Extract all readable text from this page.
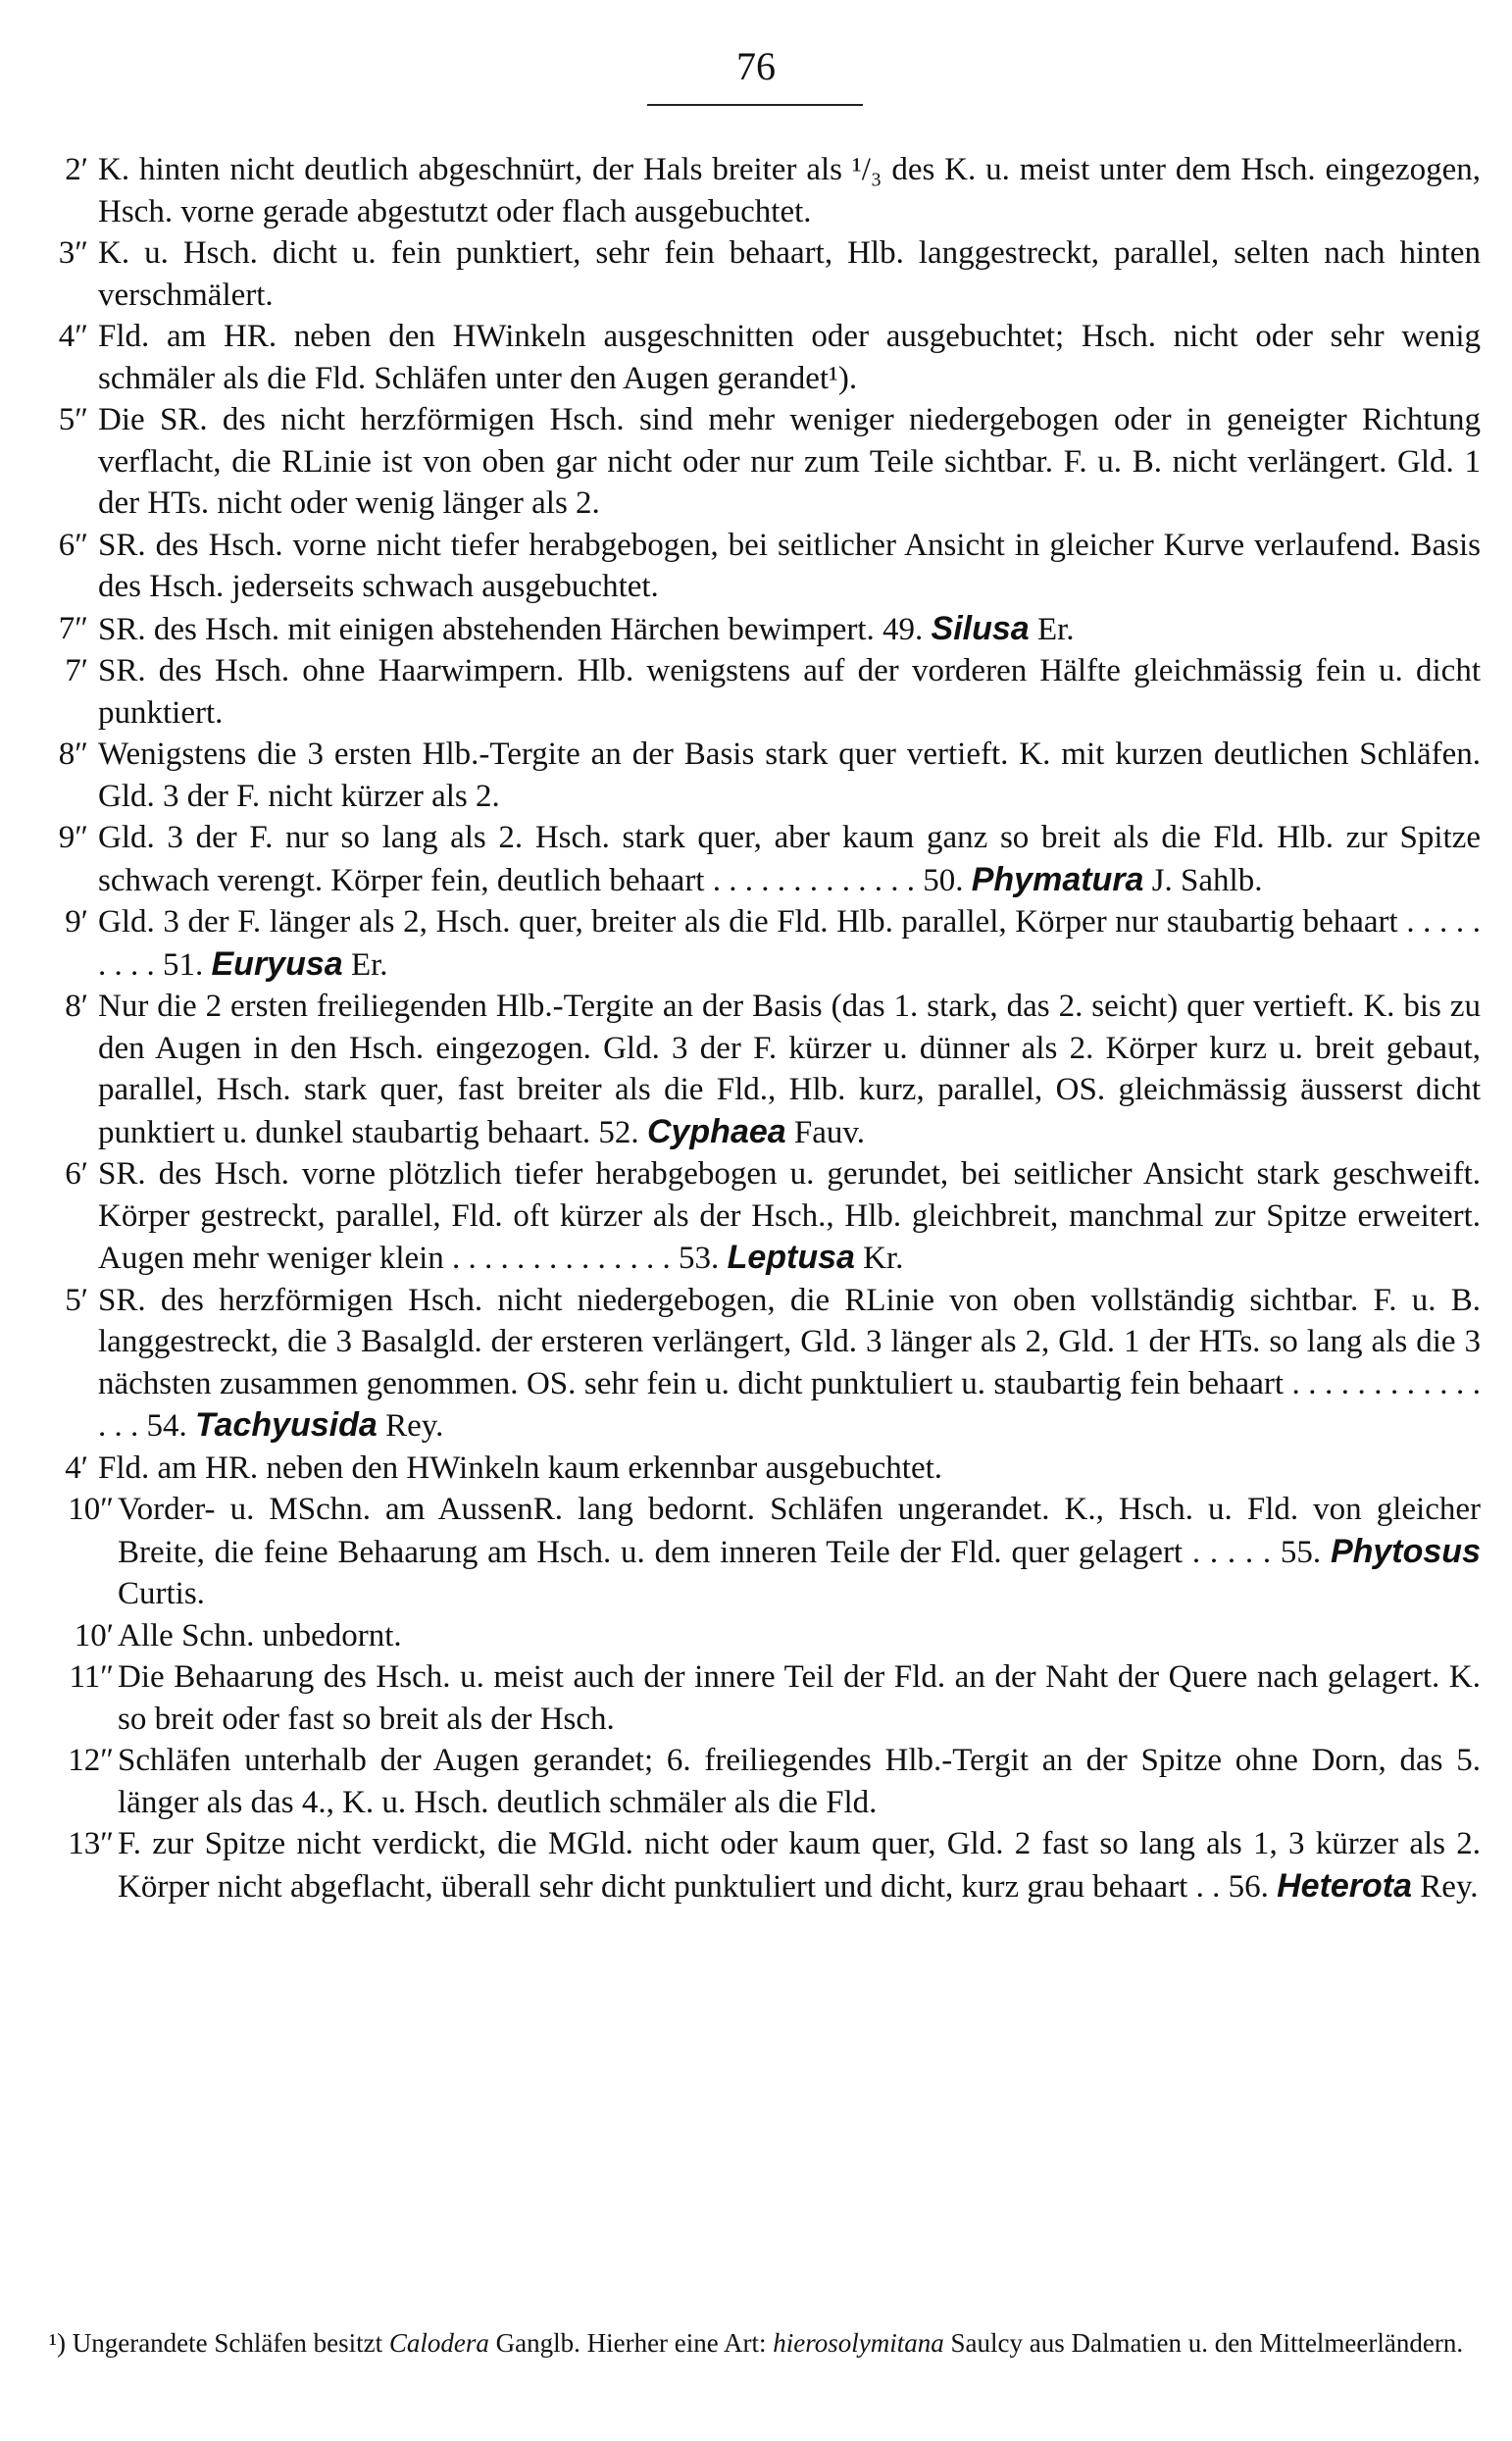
76
2′ K. hinten nicht deutlich abgeschnürt, der Hals breiter als ¹/₃ des K. u. meist unter dem Hsch. eingezogen, Hsch. vorne gerade abgestutzt oder flach ausgebuchtet.
3″ K. u. Hsch. dicht u. fein punktiert, sehr fein behaart, Hlb. langgestreckt, parallel, selten nach hinten verschmälert.
4″ Fld. am HR. neben den HWinkeln ausgeschnitten oder ausgebuchtet; Hsch. nicht oder sehr wenig schmäler als die Fld. Schläfen unter den Augen gerandet¹).
5″ Die SR. des nicht herzförmigen Hsch. sind mehr weniger niedergebogen oder in geneigter Richtung verflacht, die RLinie ist von oben gar nicht oder nur zum Teile sichtbar. F. u. B. nicht verlängert. Gld. 1 der HTs. nicht oder wenig länger als 2.
6″ SR. des Hsch. vorne nicht tiefer herabgebogen, bei seitlicher Ansicht in gleicher Kurve verlaufend. Basis des Hsch. jederseits schwach ausgebuchtet.
7″ SR. des Hsch. mit einigen abstehenden Härchen bewimpert. 49. Silusa Er.
7′ SR. des Hsch. ohne Haarwimpern. Hlb. wenigstens auf der vorderen Hälfte gleichmässig fein u. dicht punktiert.
8″ Wenigstens die 3 ersten Hlb.-Tergite an der Basis stark quer vertieft. K. mit kurzen deutlichen Schläfen. Gld. 3 der F. nicht kürzer als 2.
9″ Gld. 3 der F. nur so lang als 2. Hsch. stark quer, aber kaum ganz so breit als die Fld. Hlb. zur Spitze schwach verengt. Körper fein, deutlich behaart . . . . . . . . . . . . . 50. Phymatura J. Sahlb.
9′ Gld. 3 der F. länger als 2, Hsch. quer, breiter als die Fld. Hlb. parallel, Körper nur staubartig behaart . . . . . . . . . 51. Euryusa Er.
8′ Nur die 2 ersten freiliegenden Hlb.-Tergite an der Basis (das 1. stark, das 2. seicht) quer vertieft. K. bis zu den Augen in den Hsch. eingezogen. Gld. 3 der F. kürzer u. dünner als 2. Körper kurz u. breit gebaut, parallel, Hsch. stark quer, fast breiter als die Fld., Hlb. kurz, parallel, OS. gleichmässig äusserst dicht punktiert u. dunkel staubartig behaart. 52. Cyphaea Fauv.
6′ SR. des Hsch. vorne plötzlich tiefer herabgebogen u. gerundet, bei seitlicher Ansicht stark geschweift. Körper gestreckt, parallel, Fld. oft kürzer als der Hsch., Hlb. gleichbreit, manchmal zur Spitze erweitert. Augen mehr weniger klein . . . . . . . . . . . . . . 53. Leptusa Kr.
5′ SR. des herzförmigen Hsch. nicht niedergebogen, die RLinie von oben vollständig sichtbar. F. u. B. langgestreckt, die 3 Basalgld. der ersteren verlängert, Gld. 3 länger als 2, Gld. 1 der HTs. so lang als die 3 nächsten zusammen genommen. OS. sehr fein u. dicht punktuliert u. staubartig fein behaart . . . . . . . . . . . . . . . 54. Tachyusida Rey.
4′ Fld. am HR. neben den HWinkeln kaum erkennbar ausgebuchtet.
10″ Vorder- u. MSchn. am AussenR. lang bedornt. Schläfen ungerandet. K., Hsch. u. Fld. von gleicher Breite, die feine Behaarung am Hsch. u. dem inneren Teile der Fld. quer gelagert . . . . . 55. Phytosus Curtis.
10′ Alle Schn. unbedornt.
11″ Die Behaarung des Hsch. u. meist auch der innere Teil der Fld. an der Naht der Quere nach gelagert. K. so breit oder fast so breit als der Hsch.
12″ Schläfen unterhalb der Augen gerandet; 6. freiliegendes Hlb.-Tergit an der Spitze ohne Dorn, das 5. länger als das 4., K. u. Hsch. deutlich schmäler als die Fld.
13″ F. zur Spitze nicht verdickt, die MGld. nicht oder kaum quer, Gld. 2 fast so lang als 1, 3 kürzer als 2. Körper nicht abgeflacht, überall sehr dicht punktuliert und dicht, kurz grau behaart . . 56. Heterota Rey.
¹) Ungerandete Schläfen besitzt Calodera Ganglb. Hierher eine Art: hierosolymitana Saulcy aus Dalmatien u. den Mittelmeerländern.
